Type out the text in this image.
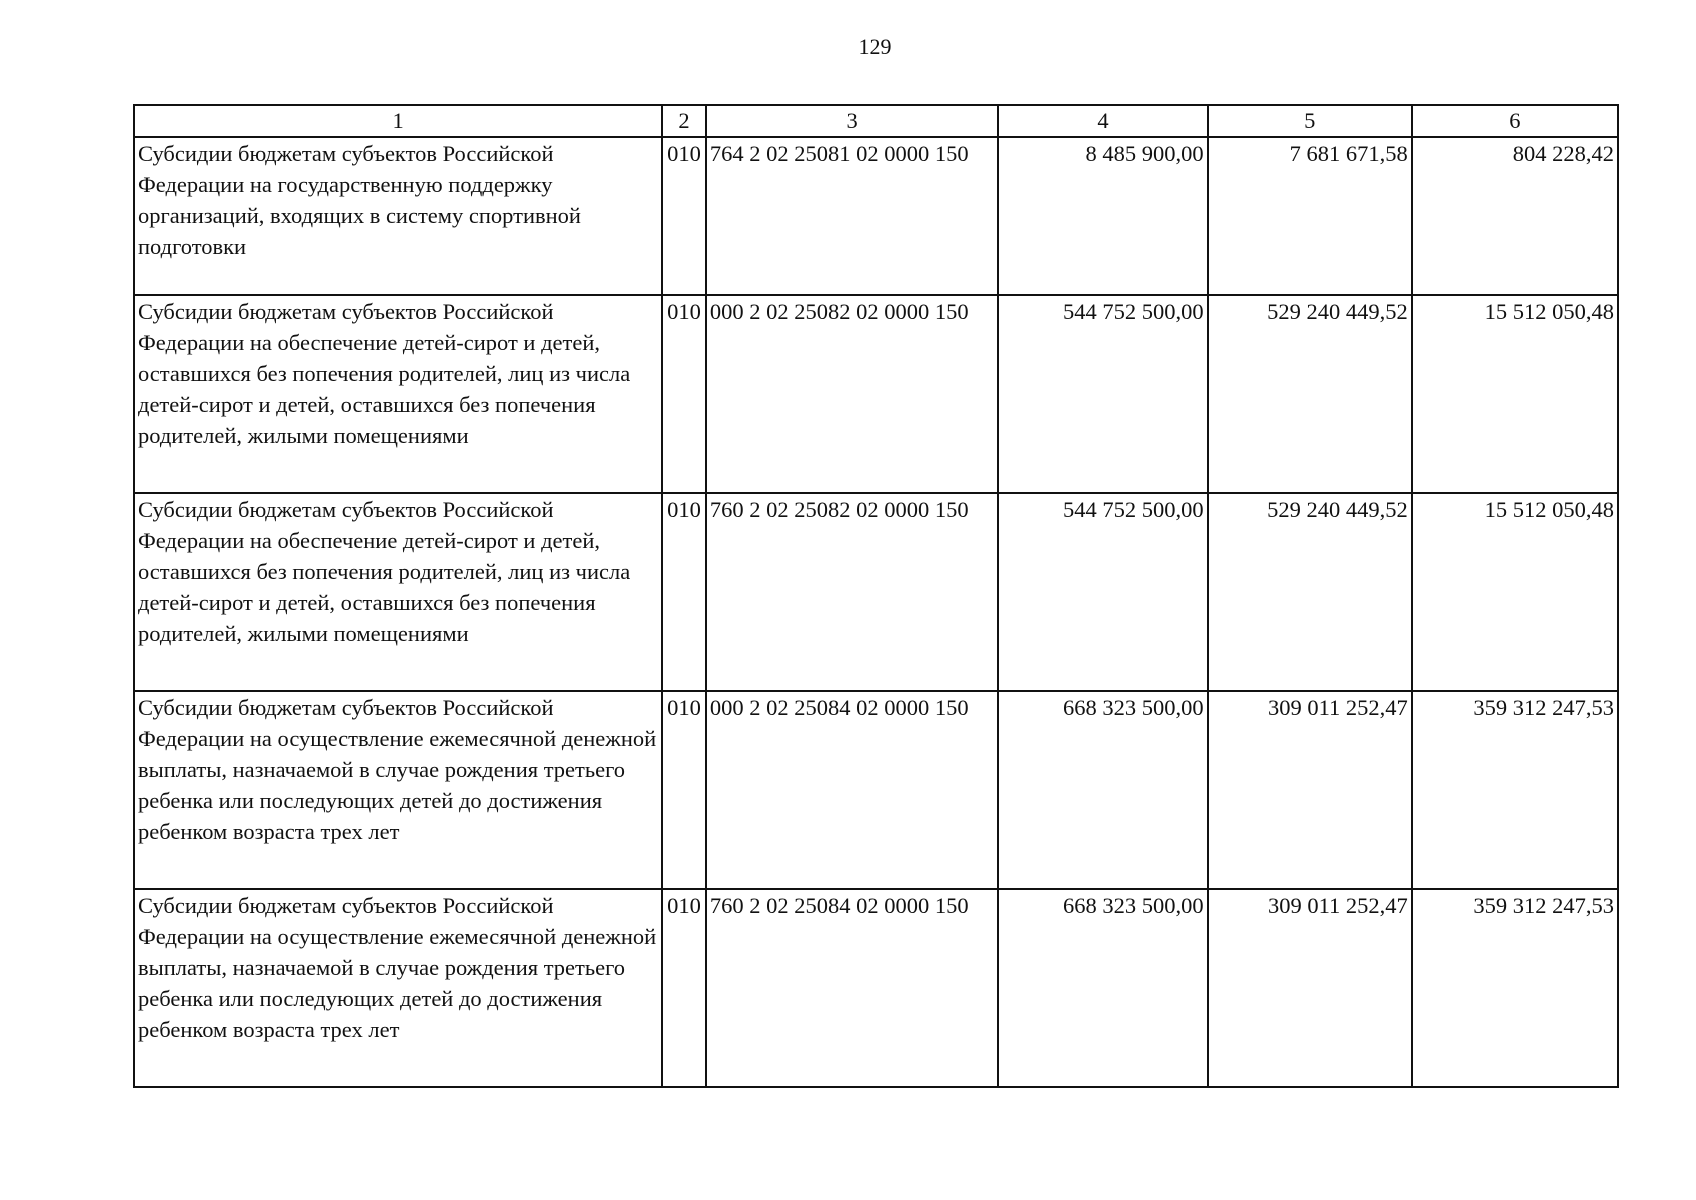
129
1	2	3	4	5	6
Субсидии бюджетам субъектов Российской Федерации на государственную поддержку организаций, входящих в систему спортивной подготовки	010	764 2 02 25081 02 0000 150	8 485 900,00	7 681 671,58	804 228,42
Субсидии бюджетам субъектов Российской Федерации на обеспечение детей-сирот и детей, оставшихся без попечения родителей, лиц из числа детей-сирот и детей, оставшихся без попечения родителей, жилыми помещениями	010	000 2 02 25082 02 0000 150	544 752 500,00	529 240 449,52	15 512 050,48
Субсидии бюджетам субъектов Российской Федерации на обеспечение детей-сирот и детей, оставшихся без попечения родителей, лиц из числа детей-сирот и детей, оставшихся без попечения родителей, жилыми помещениями	010	760 2 02 25082 02 0000 150	544 752 500,00	529 240 449,52	15 512 050,48
Субсидии бюджетам субъектов Российской Федерации на осуществление ежемесячной денежной выплаты, назначаемой в случае рождения третьего ребенка или последующих детей до достижения ребенком возраста трех лет	010	000 2 02 25084 02 0000 150	668 323 500,00	309 011 252,47	359 312 247,53
Субсидии бюджетам субъектов Российской Федерации на осуществление ежемесячной денежной выплаты, назначаемой в случае рождения третьего ребенка или последующих детей до достижения ребенком возраста трех лет	010	760 2 02 25084 02 0000 150	668 323 500,00	309 011 252,47	359 312 247,53
